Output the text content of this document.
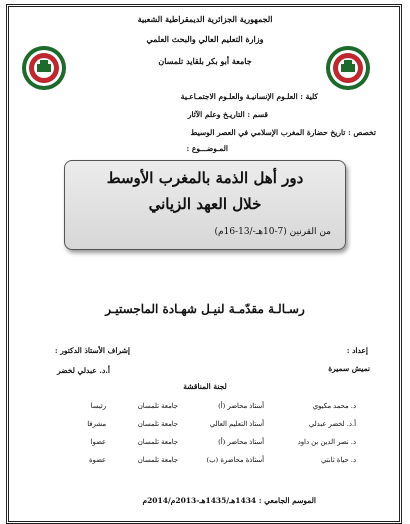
الجمهورية الجزائرية الديمقراطية الشعبية
وزارة التعليم العالي والبحث العلمي
جامعة أبو بكر بلقايد تلمسان
كلية : العلـوم الإنسانيـة والعلـوم الاجتمـاعـية
قسم : التاريـخ وعلم الآثار
تخصص : تاريخ حضارة المغرب الإسلامي في العصر الوسيط
المـوضـــوع :
دور أهل الذمة بالمغرب الأوسط
خلال العهد الزياني
من القرنين (7-10هـ-/13-16م)
رسـالـة مقدّمـة لنيـل شهـادة الماجستيـر
إعداد :
نميش سميرة
إشراف الأستاذ الدكتور :
أ.د. عبدلي لخضر
لجنة المناقشة
د. محمد مكيوي
أستاذ محاضر (أ)
جامعة تلمسان
رئيسا
أ.د. لخضر عبدلي
أستاذ التعليم العالي
جامعة تلمسان
مشرفا
د. نصر الدين بن داود
أستاذ محاضر (أ)
جامعة تلمسان
عضوا
د. حياة ثابتي
أستاذة محاضرة (ب)
جامعة تلمسان
عضوة
الموسم الجامعي : 1434هـ/1435هـ-2013م/2014م
